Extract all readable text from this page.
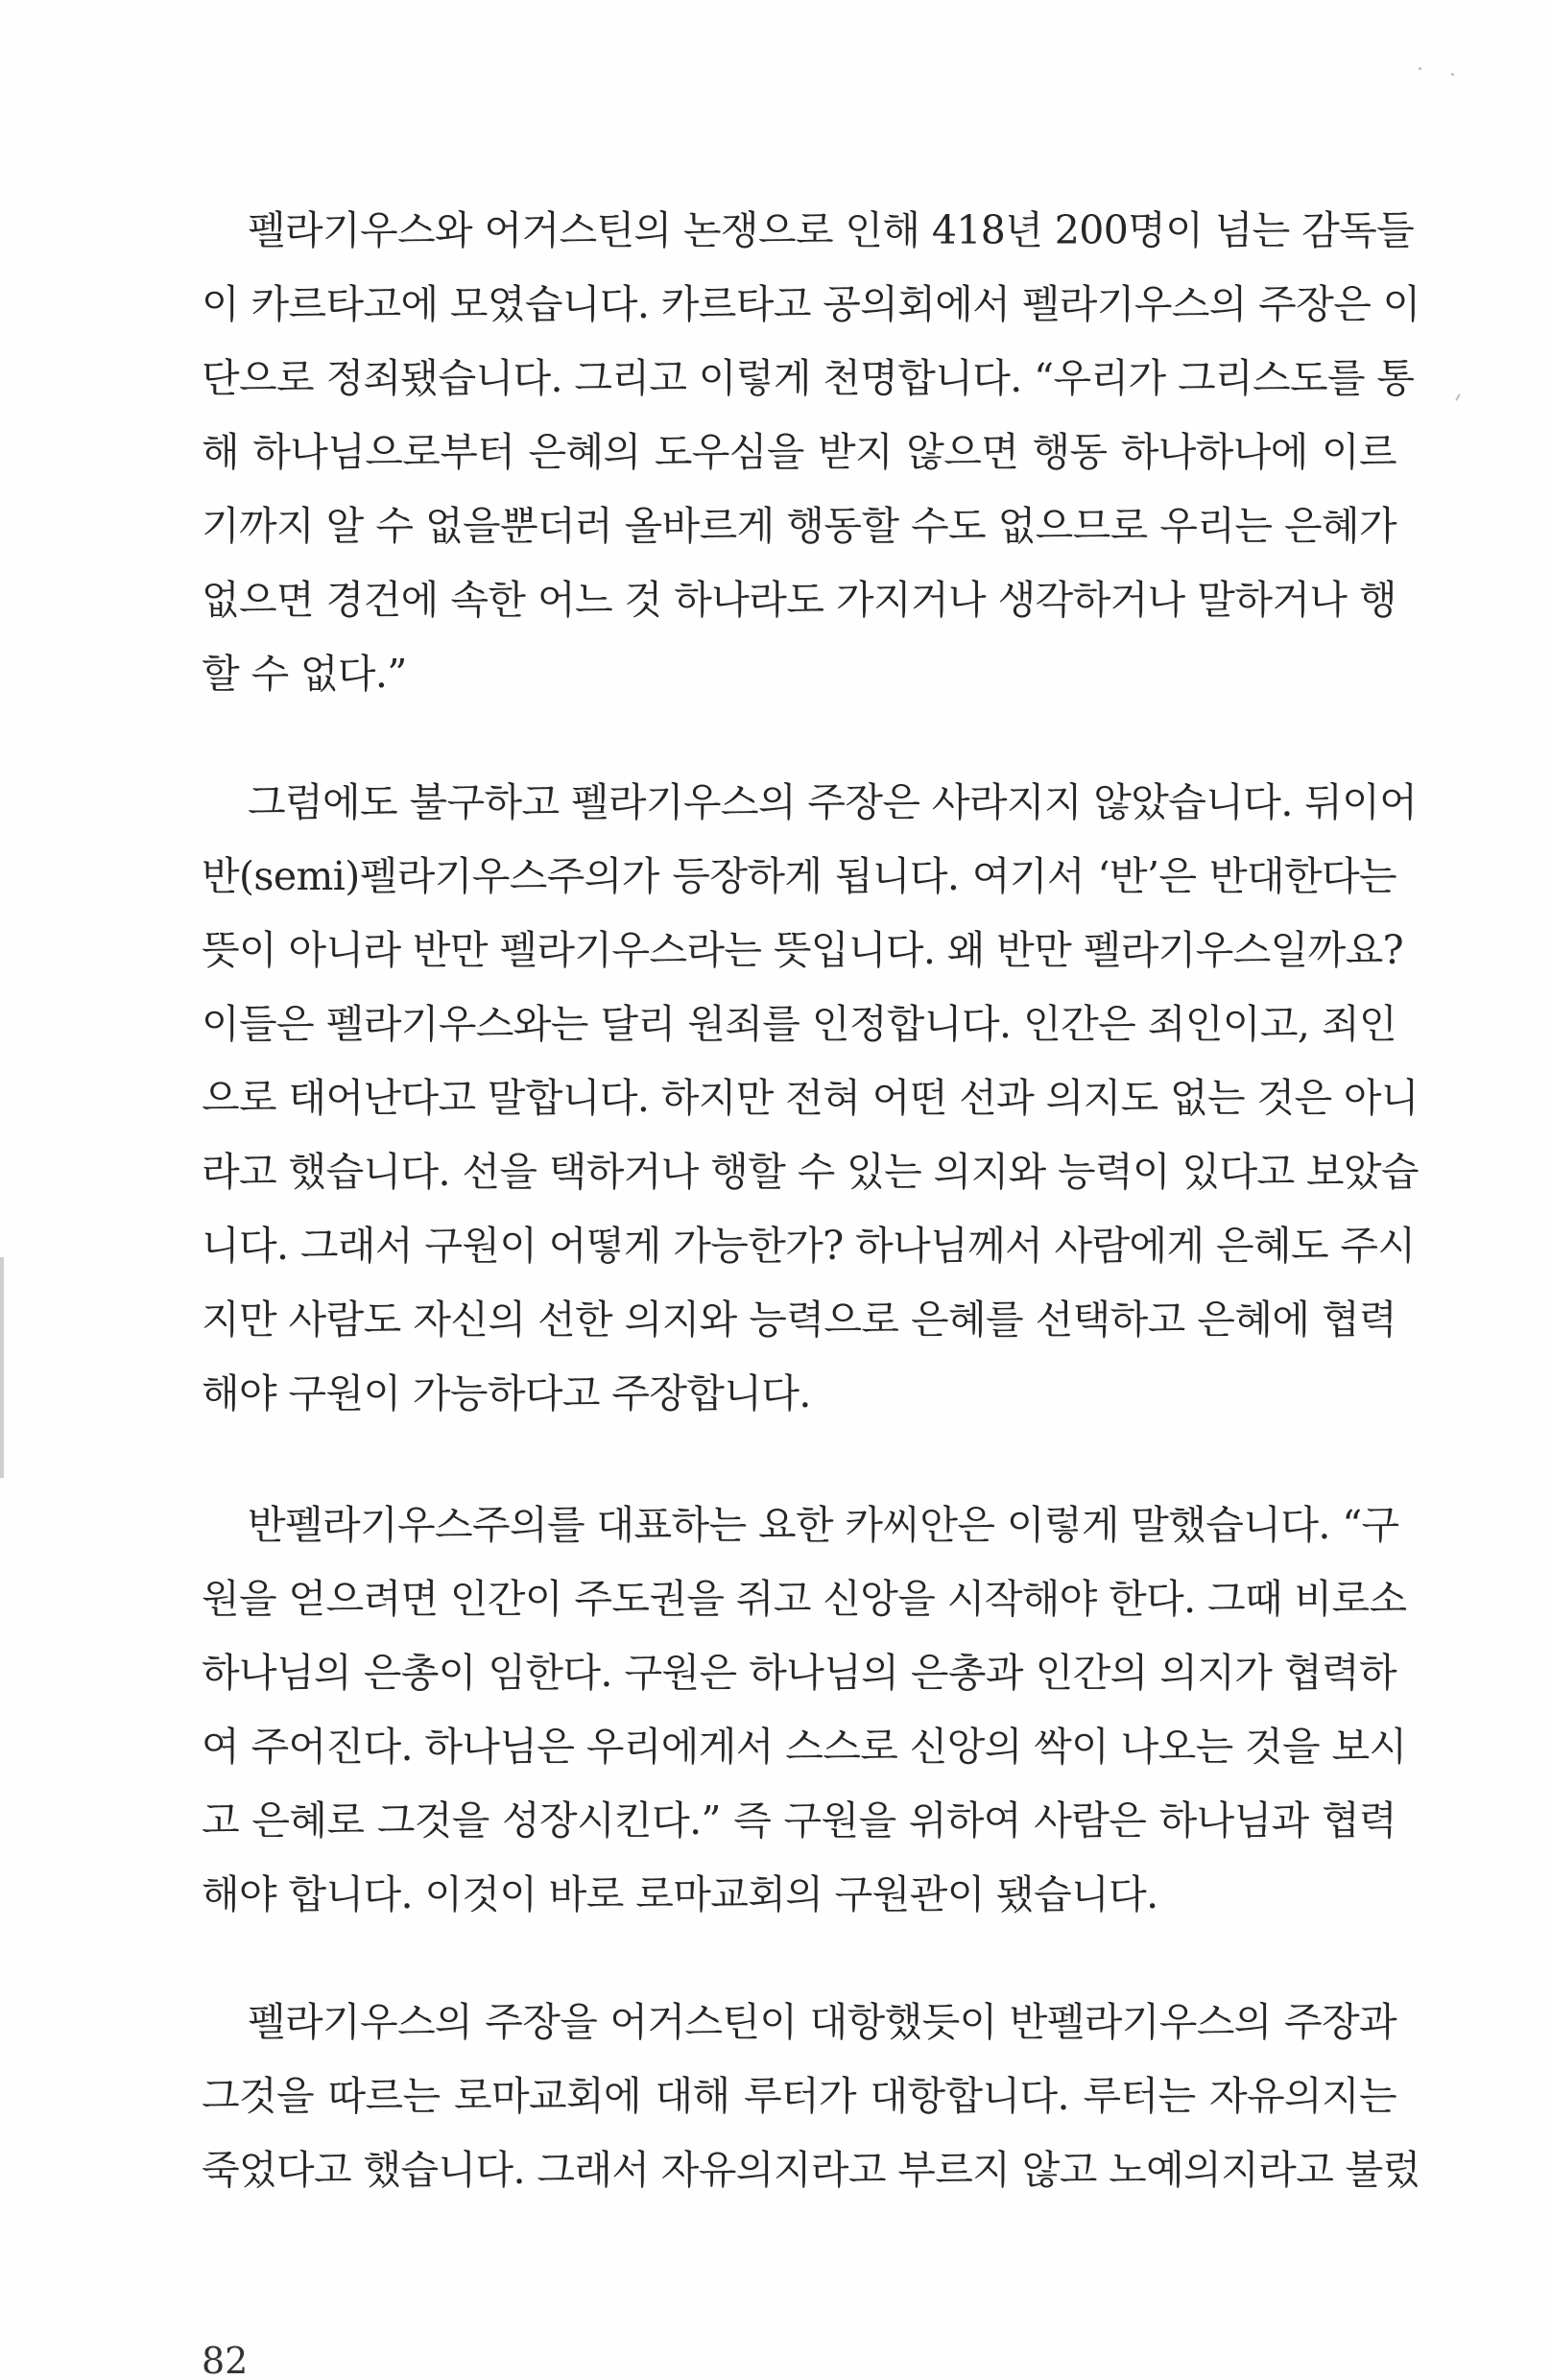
펠라기우스와 어거스틴의 논쟁으로 인해 418년 200명이 넘는 감독들
이 카르타고에 모였습니다. 카르타고 공의회에서 펠라기우스의 주장은 이
단으로 정죄됐습니다. 그리고 이렇게 천명합니다. “우리가 그리스도를 통
해 하나님으로부터 은혜의 도우심을 받지 않으면 행동 하나하나에 이르
기까지 알 수 없을뿐더러 올바르게 행동할 수도 없으므로 우리는 은혜가
없으면 경건에 속한 어느 것 하나라도 가지거나 생각하거나 말하거나 행
할 수 없다.”
그럼에도 불구하고 펠라기우스의 주장은 사라지지 않았습니다. 뒤이어
반(semi)펠라기우스주의가 등장하게 됩니다. 여기서 ‘반’은 반대한다는
뜻이 아니라 반만 펠라기우스라는 뜻입니다. 왜 반만 펠라기우스일까요?
이들은 펠라기우스와는 달리 원죄를 인정합니다. 인간은 죄인이고, 죄인
으로 태어난다고 말합니다. 하지만 전혀 어떤 선과 의지도 없는 것은 아니
라고 했습니다. 선을 택하거나 행할 수 있는 의지와 능력이 있다고 보았습
니다. 그래서 구원이 어떻게 가능한가? 하나님께서 사람에게 은혜도 주시
지만 사람도 자신의 선한 의지와 능력으로 은혜를 선택하고 은혜에 협력
해야 구원이 가능하다고 주장합니다.
반펠라기우스주의를 대표하는 요한 카씨안은 이렇게 말했습니다. “구
원을 얻으려면 인간이 주도권을 쥐고 신앙을 시작해야 한다. 그때 비로소
하나님의 은총이 임한다. 구원은 하나님의 은총과 인간의 의지가 협력하
여 주어진다. 하나님은 우리에게서 스스로 신앙의 싹이 나오는 것을 보시
고 은혜로 그것을 성장시킨다.” 즉 구원을 위하여 사람은 하나님과 협력
해야 합니다. 이것이 바로 로마교회의 구원관이 됐습니다.
펠라기우스의 주장을 어거스틴이 대항했듯이 반펠라기우스의 주장과
그것을 따르는 로마교회에 대해 루터가 대항합니다. 루터는 자유의지는
죽었다고 했습니다. 그래서 자유의지라고 부르지 않고 노예의지라고 불렀
82
